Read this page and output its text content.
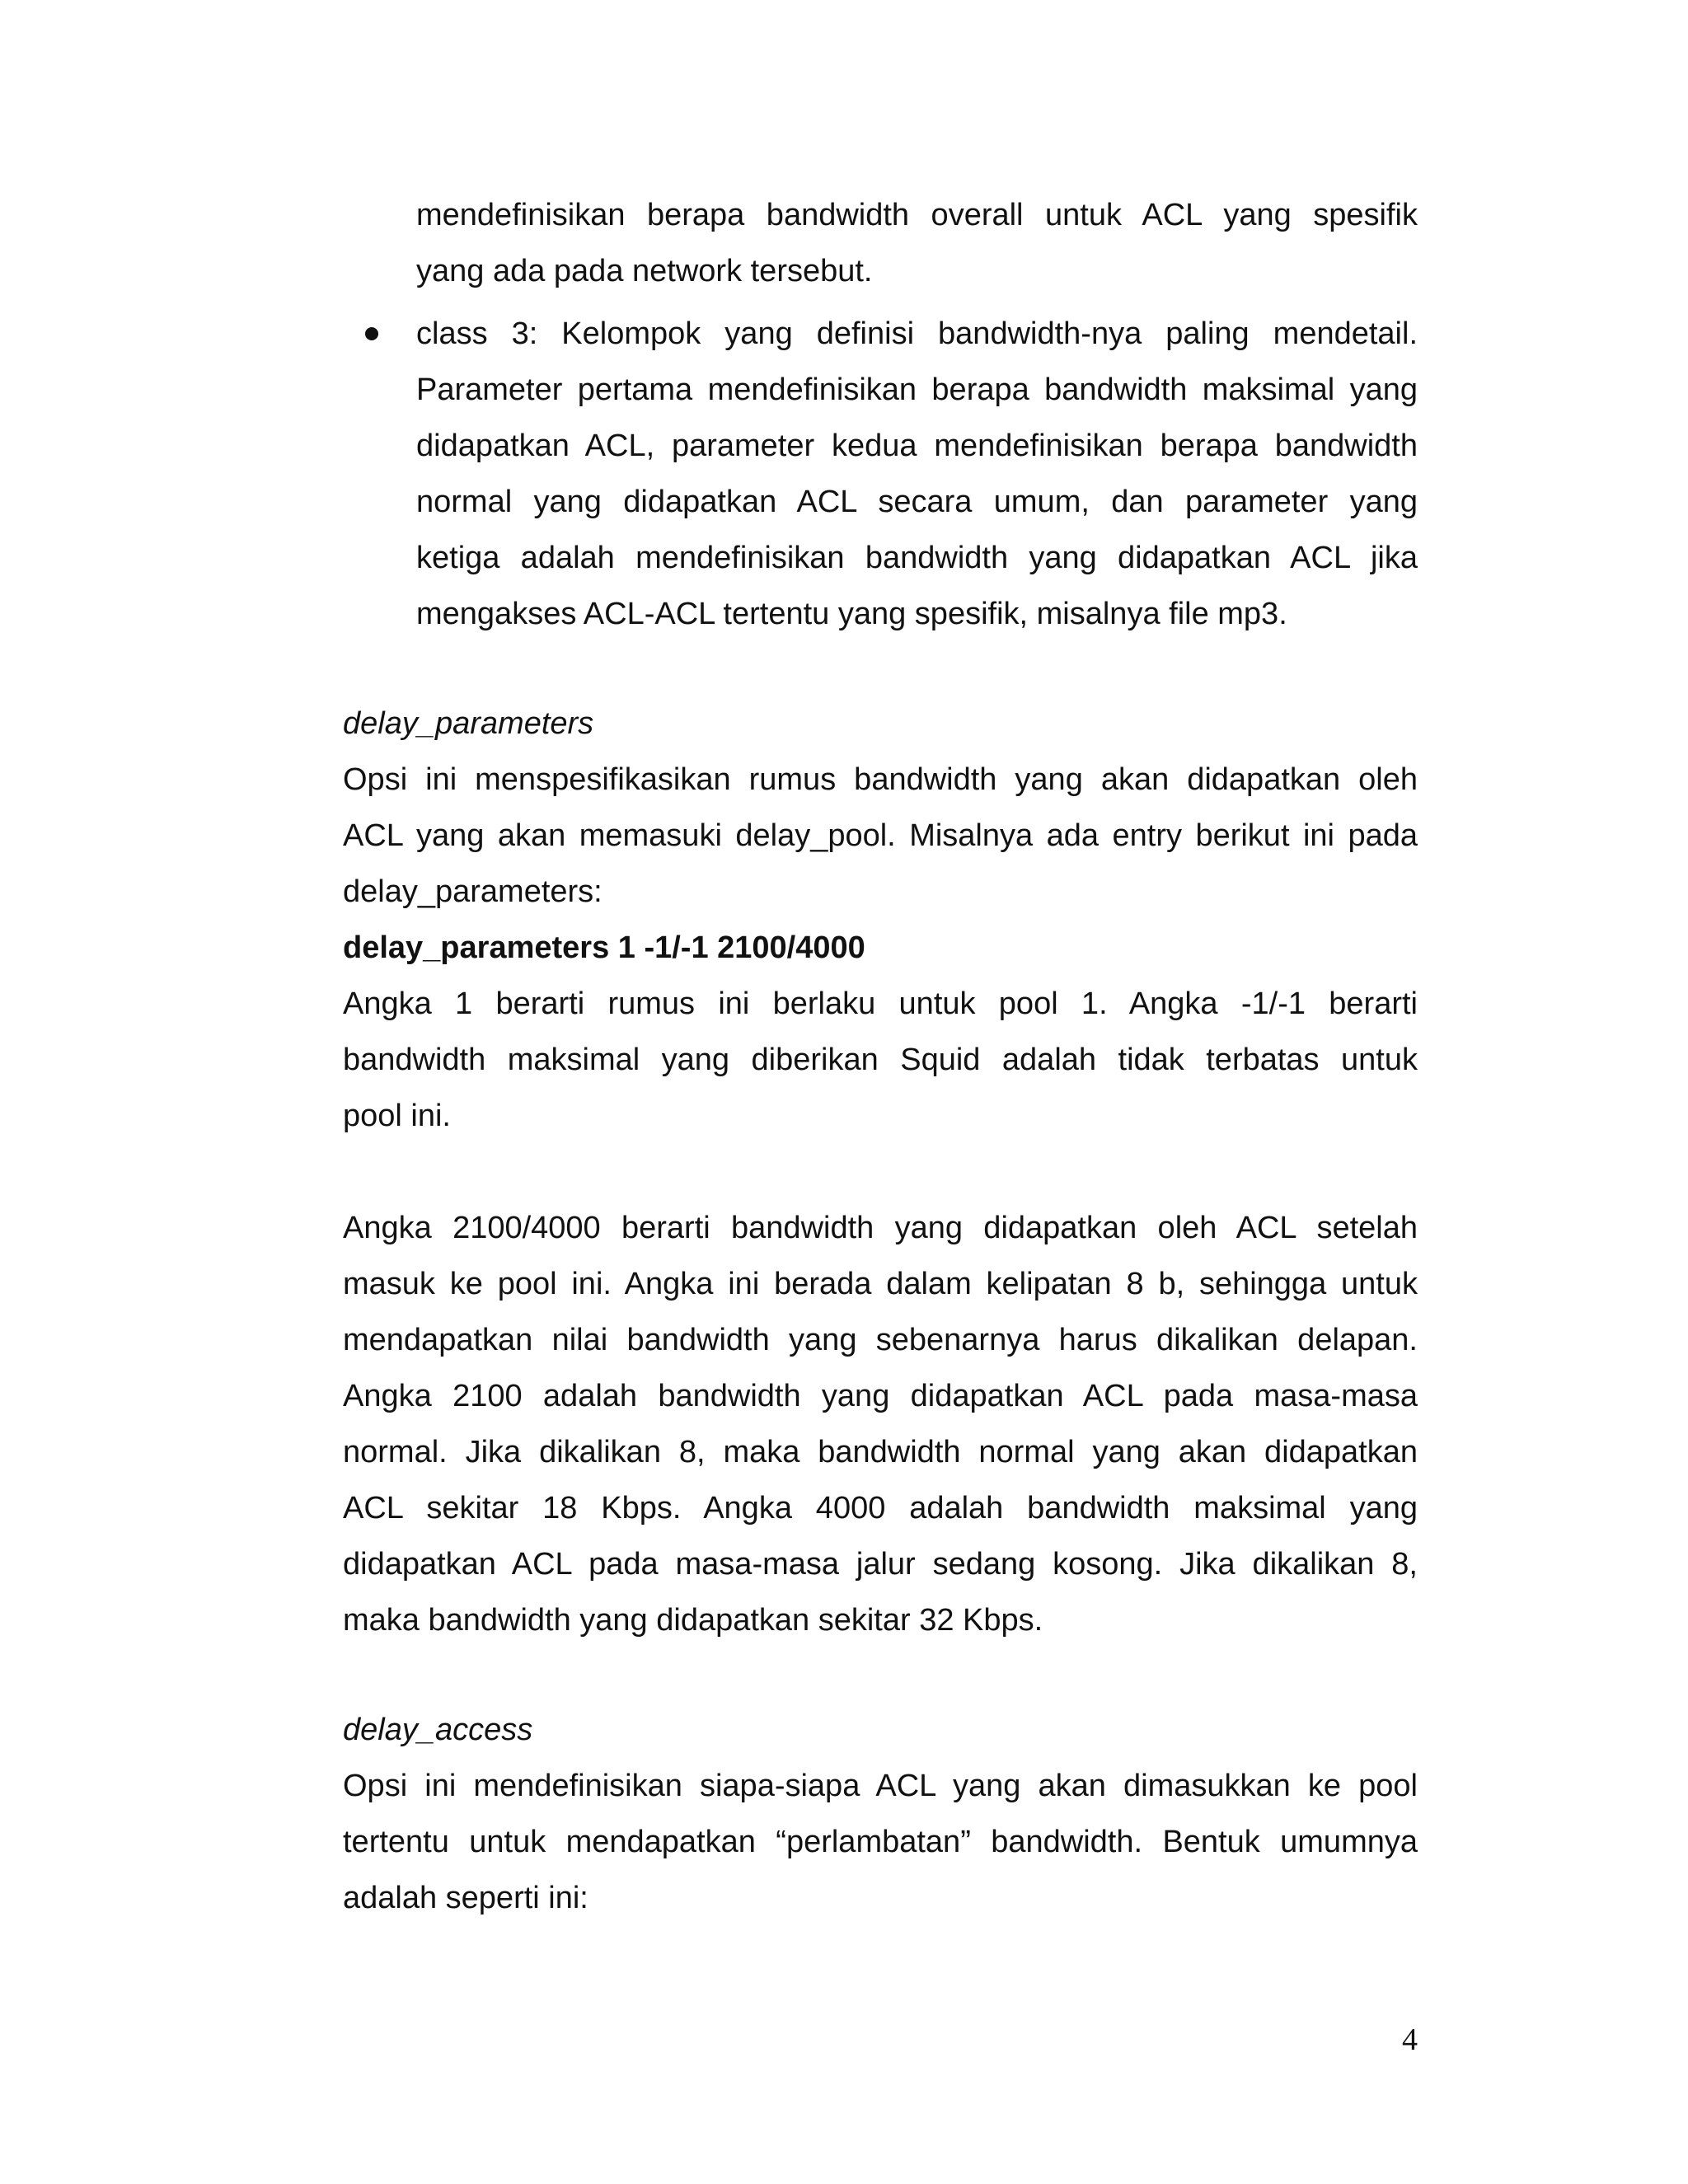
mendefinisikan berapa bandwidth overall untuk ACL yang spesifik
yang ada pada network tersebut.
class 3: Kelompok yang definisi bandwidth-nya paling mendetail.
Parameter pertama mendefinisikan berapa bandwidth maksimal yang
didapatkan ACL, parameter kedua mendefinisikan berapa bandwidth
normal yang didapatkan ACL secara umum, dan parameter yang
ketiga adalah mendefinisikan bandwidth yang didapatkan ACL jika
mengakses ACL-ACL tertentu yang spesifik, misalnya file mp3.
delay_parameters
Opsi ini menspesifikasikan rumus bandwidth yang akan didapatkan oleh
ACL yang akan memasuki delay_pool. Misalnya ada entry berikut ini pada
delay_parameters:
delay_parameters 1 -1/-1 2100/4000
Angka 1 berarti rumus ini berlaku untuk pool 1. Angka -1/-1 berarti
bandwidth maksimal yang diberikan Squid adalah tidak terbatas untuk
pool ini.
Angka 2100/4000 berarti bandwidth yang didapatkan oleh ACL setelah
masuk ke pool ini. Angka ini berada dalam kelipatan 8 b, sehingga untuk
mendapatkan nilai bandwidth yang sebenarnya harus dikalikan delapan.
Angka 2100 adalah bandwidth yang didapatkan ACL pada masa-masa
normal. Jika dikalikan 8, maka bandwidth normal yang akan didapatkan
ACL sekitar 18 Kbps. Angka 4000 adalah bandwidth maksimal yang
didapatkan ACL pada masa-masa jalur sedang kosong. Jika dikalikan 8,
maka bandwidth yang didapatkan sekitar 32 Kbps.
delay_access
Opsi ini mendefinisikan siapa-siapa ACL yang akan dimasukkan ke pool
tertentu untuk mendapatkan “perlambatan” bandwidth. Bentuk umumnya
adalah seperti ini:
4
